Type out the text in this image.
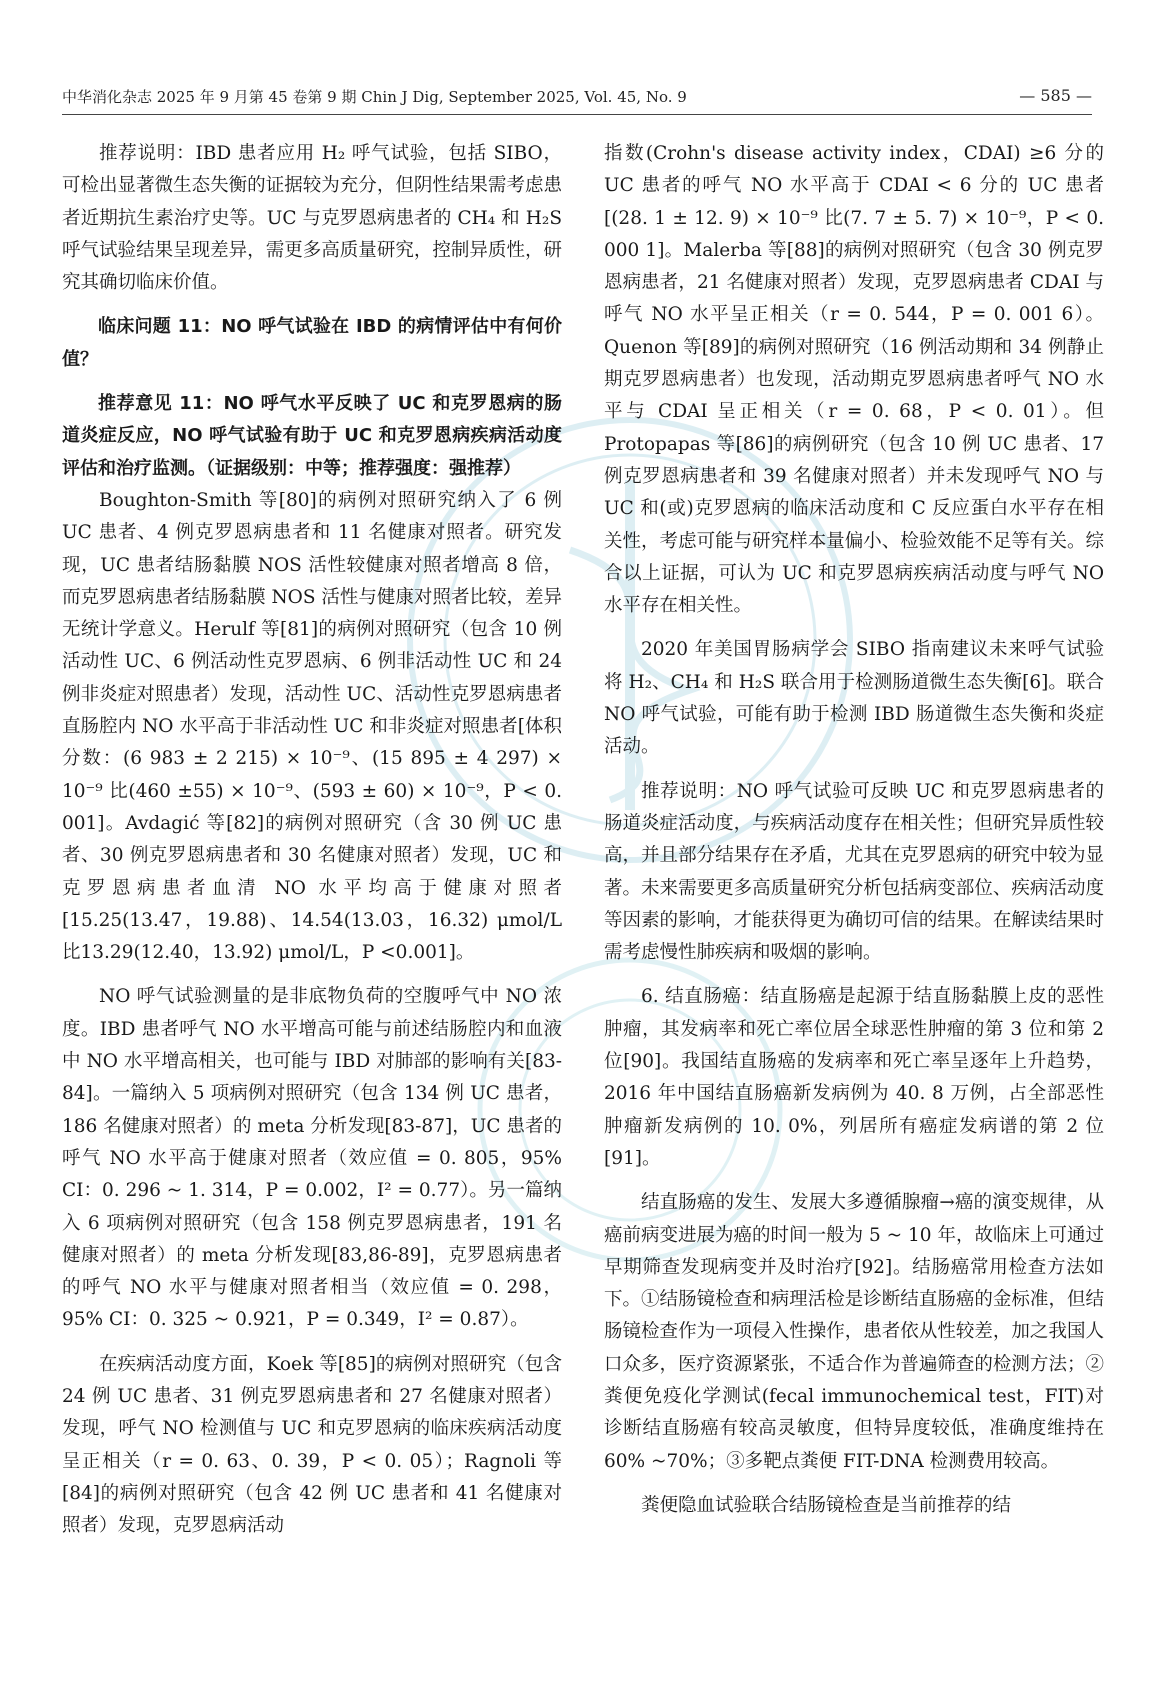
中华消化杂志 2025 年 9 月第 45 卷第 9 期 Chin J Dig, September 2025, Vol. 45, No. 9	— 585 —

推荐说明：IBD 患者应用 H₂ 呼气试验，包括 SIBO，可检出显著微生态失衡的证据较为充分，但阴性结果需考虑患者近期抗生素治疗史等。UC 与克罗恩病患者的 CH₄ 和 H₂S 呼气试验结果呈现差异，需更多高质量研究，控制异质性，研究其确切临床价值。

临床问题 11：NO 呼气试验在 IBD 的病情评估中有何价值？

推荐意见 11：NO 呼气水平反映了 UC 和克罗恩病的肠道炎症反应，NO 呼气试验有助于 UC 和克罗恩病疾病活动度评估和治疗监测。（证据级别：中等；推荐强度：强推荐）

Boughton-Smith 等[80]的病例对照研究纳入了 6 例UC 患者、4 例克罗恩病患者和 11 名健康对照者。研究发现，UC 患者结肠黏膜 NOS 活性较健康对照者增高 8 倍，而克罗恩病患者结肠黏膜 NOS 活性与健康对照者比较，差异无统计学意义。Herulf 等[81]的病例对照研究（包含 10 例活动性 UC、6 例活动性克罗恩病、6 例非活动性 UC 和 24 例非炎症对照患者）发现，活动性 UC、活动性克罗恩病患者直肠腔内 NO 水平高于非活动性 UC 和非炎症对照患者[体积分数：(6 983 ± 2 215) × 10⁻⁹、(15 895 ± 4 297) × 10⁻⁹ 比(460 ±55) × 10⁻⁹、(593 ± 60) × 10⁻⁹，P < 0. 001]。Avdagić 等[82]的病例对照研究（含 30 例 UC 患者、30 例克罗恩病患者和 30 名健康对照者）发现，UC 和克罗恩病患者血清 NO 水平均高于健康对照者[15.25(13.47，19.88)、14.54(13.03，16.32) μmol/L 比13.29(12.40，13.92) μmol/L，P <0.001]。

NO 呼气试验测量的是非底物负荷的空腹呼气中 NO 浓度。IBD 患者呼气 NO 水平增高可能与前述结肠腔内和血液中 NO 水平增高相关，也可能与 IBD 对肺部的影响有关[83-84]。一篇纳入 5 项病例对照研究（包含 134 例 UC 患者，186 名健康对照者）的 meta 分析发现[83-87]，UC 患者的呼气 NO 水平高于健康对照者（效应值 = 0. 805，95% CI：0. 296 ~ 1. 314，P = 0.002，I² = 0.77）。另一篇纳入 6 项病例对照研究（包含 158 例克罗恩病患者，191 名健康对照者）的 meta 分析发现[83,86-89]，克罗恩病患者的呼气 NO 水平与健康对照者相当（效应值 = 0. 298，95% CI：0. 325 ~ 0.921，P = 0.349，I² = 0.87）。

在疾病活动度方面，Koek 等[85]的病例对照研究（包含 24 例 UC 患者、31 例克罗恩病患者和 27 名健康对照者）发现，呼气 NO 检测值与 UC 和克罗恩病的临床疾病活动度呈正相关（r = 0. 63、0. 39，P < 0. 05）；Ragnoli 等[84]的病例对照研究（包含 42 例 UC 患者和 41 名健康对照者）发现，克罗恩病活动

指数(Crohn's disease activity index，CDAI) ≥6 分的 UC 患者的呼气 NO 水平高于 CDAI < 6 分的 UC 患者[(28. 1 ± 12. 9) × 10⁻⁹ 比(7. 7 ± 5. 7) × 10⁻⁹，P < 0. 000 1]。Malerba 等[88]的病例对照研究（包含 30 例克罗恩病患者，21 名健康对照者）发现，克罗恩病患者 CDAI 与呼气 NO 水平呈正相关（r = 0. 544，P = 0. 001 6）。Quenon 等[89]的病例对照研究（16 例活动期和 34 例静止期克罗恩病患者）也发现，活动期克罗恩病患者呼气 NO 水平与 CDAI 呈正相关（r = 0. 68，P < 0. 01）。但 Protopapas 等[86]的病例研究（包含 10 例 UC 患者、17 例克罗恩病患者和 39 名健康对照者）并未发现呼气 NO 与 UC 和(或)克罗恩病的临床活动度和 C 反应蛋白水平存在相关性，考虑可能与研究样本量偏小、检验效能不足等有关。综合以上证据，可认为 UC 和克罗恩病疾病活动度与呼气 NO 水平存在相关性。

2020 年美国胃肠病学会 SIBO 指南建议未来呼气试验将 H₂、CH₄ 和 H₂S 联合用于检测肠道微生态失衡[6]。联合 NO 呼气试验，可能有助于检测 IBD 肠道微生态失衡和炎症活动。

推荐说明：NO 呼气试验可反映 UC 和克罗恩病患者的肠道炎症活动度，与疾病活动度存在相关性；但研究异质性较高，并且部分结果存在矛盾，尤其在克罗恩病的研究中较为显著。未来需要更多高质量研究分析包括病变部位、疾病活动度等因素的影响，才能获得更为确切可信的结果。在解读结果时需考虑慢性肺疾病和吸烟的影响。

6. 结直肠癌：结直肠癌是起源于结直肠黏膜上皮的恶性肿瘤，其发病率和死亡率位居全球恶性肿瘤的第 3 位和第 2 位[90]。我国结直肠癌的发病率和死亡率呈逐年上升趋势，2016 年中国结直肠癌新发病例为 40. 8 万例，占全部恶性肿瘤新发病例的 10. 0%，列居所有癌症发病谱的第 2 位[91]。

结直肠癌的发生、发展大多遵循腺瘤→癌的演变规律，从癌前病变进展为癌的时间一般为 5 ~ 10 年，故临床上可通过早期筛查发现病变并及时治疗[92]。结肠癌常用检查方法如下。①结肠镜检查和病理活检是诊断结直肠癌的金标准，但结肠镜检查作为一项侵入性操作，患者依从性较差，加之我国人口众多，医疗资源紧张，不适合作为普遍筛查的检测方法；②粪便免疫化学测试(fecal immunochemical test，FIT)对诊断结直肠癌有较高灵敏度，但特异度较低，准确度维持在60% ~70%；③多靶点粪便 FIT-DNA 检测费用较高。

粪便隐血试验联合结肠镜检查是当前推荐的结
